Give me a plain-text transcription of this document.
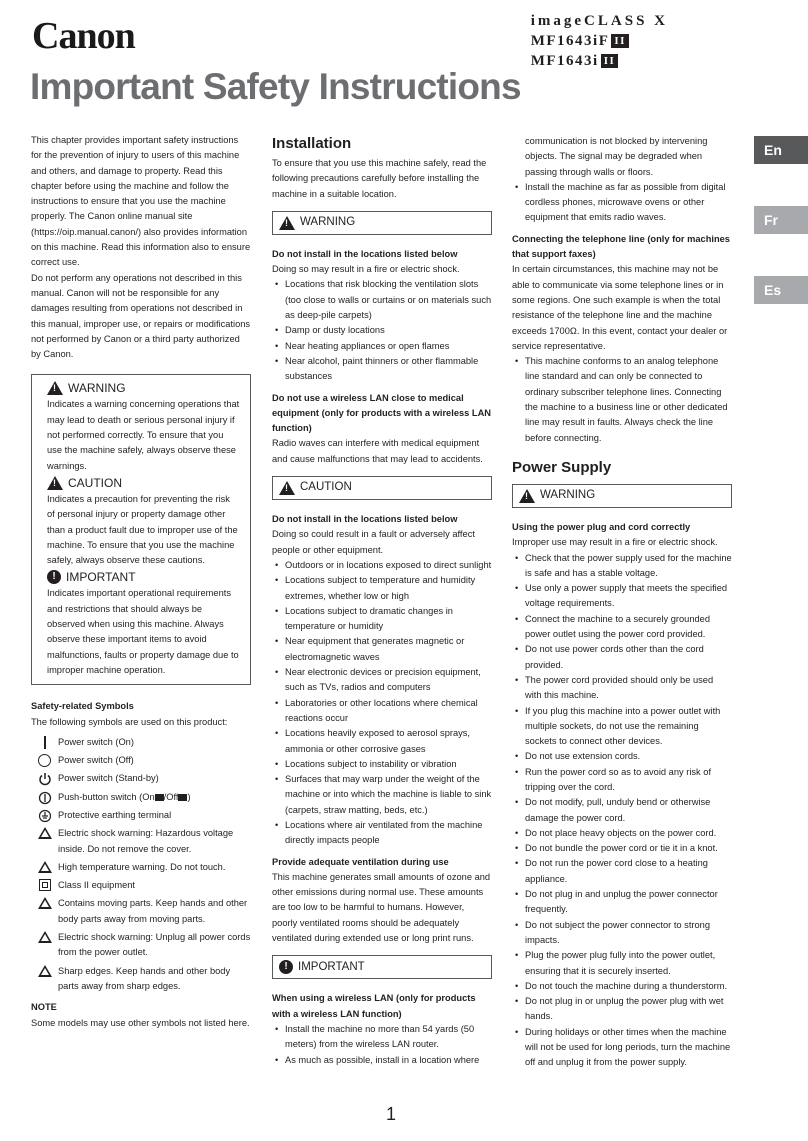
Canon	imageCLASS X
MF1643iF II
MF1643i II
Important Safety Instructions
En
Fr
Es

This chapter provides important safety instructions for the prevention of injury to users of this machine and others, and damage to property. Read this chapter before using the machine and follow the instructions to ensure that you use the machine properly. The Canon online manual site (https://oip.manual.canon/) also provides information on this machine. Read this information also to ensure correct use.

Do not perform any operations not described in this manual. Canon will not be responsible for any damages resulting from operations not described in this manual, improper use, or repairs or modifications not performed by Canon or a third party authorized by Canon.

!
WARNING

Indicates a warning concerning operations that may lead to death or serious personal injury if not performed correctly. To ensure that you use the machine safely, always observe these warnings.

!
CAUTION

Indicates a precaution for preventing the risk of personal injury or property damage other than a product fault due to improper use of the machine. To ensure that you use the machine safely, always observe these cautions.

! IMPORTANT

Indicates important operational requirements and restrictions that should always be observed when using this machine. Always observe these important items to avoid malfunctions, faults or property damage due to improper machine operation.

Safety-related Symbols

The following symbols are used on this product:

Power switch (On)
Power switch (Off)
Power switch (Stand-by)
Push-button switch (On /Off )
Protective earthing terminal
Electric shock warning: Hazardous voltage inside. Do not remove the cover.
High temperature warning. Do not touch.
Class II equipment
Contains moving parts. Keep hands and other body parts away from moving parts.
Electric shock warning: Unplug all power cords from the power outlet.
Sharp edges. Keep hands and other body parts away from sharp edges.

NOTE

Some models may use other symbols not listed here.

Installation

To ensure that you use this machine safely, read the following precautions carefully before installing the machine in a suitable location.

!
WARNING

Do not install in the locations listed below

Doing so may result in a fire or electric shock.

• Locations that risk blocking the ventilation slots (too close to walls or curtains or on materials such as deep-pile carpets)
• Damp or dusty locations
• Near heating appliances or open flames
• Near alcohol, paint thinners or other flammable substances

Do not use a wireless LAN close to medical equipment (only for products with a wireless LAN function)

Radio waves can interfere with medical equipment and cause malfunctions that may lead to accidents.

!
CAUTION

Do not install in the locations listed below

Doing so could result in a fault or adversely affect people or other equipment.

• Outdoors or in locations exposed to direct sunlight
• Locations subject to temperature and humidity extremes, whether low or high
• Locations subject to dramatic changes in temperature or humidity
• Near equipment that generates magnetic or electromagnetic waves
• Near electronic devices or precision equipment, such as TVs, radios and computers
• Laboratories or other locations where chemical reactions occur
• Locations heavily exposed to aerosol sprays, ammonia or other corrosive gases
• Locations subject to instability or vibration
• Surfaces that may warp under the weight of the machine or into which the machine is liable to sink (carpets, straw matting, beds, etc.)
• Locations where air ventilated from the machine directly impacts people

Provide adequate ventilation during use

This machine generates small amounts of ozone and other emissions during normal use. These amounts are too low to be harmful to humans. However, poorly ventilated rooms should be adequately ventilated during extended use or long print runs.

! IMPORTANT

When using a wireless LAN (only for products with a wireless LAN function)

• Install the machine no more than 54 yards (50 meters) from the wireless LAN router.
• As much as possible, install in a location where
communication is not blocked by intervening objects. The signal may be degraded when passing through walls or floors.
• Install the machine as far as possible from digital cordless phones, microwave ovens or other equipment that emits radio waves.

Connecting the telephone line (only for machines that support faxes)

In certain circumstances, this machine may not be able to communicate via some telephone lines or in some regions. One such example is when the total resistance of the telephone line and the machine exceeds 1700Ω. In this event, contact your dealer or service representative.

• This machine conforms to an analog telephone line standard and can only be connected to ordinary subscriber telephone lines. Connecting the machine to a business line or other dedicated line may result in faults. Always check the line before connecting.
Power Supply
!
WARNING

Using the power plug and cord correctly

Improper use may result in a fire or electric shock.

• Check that the power supply used for the machine is safe and has a stable voltage.
• Use only a power supply that meets the specified voltage requirements.
• Connect the machine to a securely grounded power outlet using the power cord provided.
• Do not use power cords other than the cord provided.
• The power cord provided should only be used with this machine.
• If you plug this machine into a power outlet with multiple sockets, do not use the remaining sockets to connect other devices.
• Do not use extension cords.
• Run the power cord so as to avoid any risk of tripping over the cord.
• Do not modify, pull, unduly bend or otherwise damage the power cord.
• Do not place heavy objects on the power cord.
• Do not bundle the power cord or tie it in a knot.
• Do not run the power cord close to a heating appliance.
• Do not plug in and unplug the power connector frequently.
• Do not subject the power connector to strong impacts.
• Plug the power plug fully into the power outlet, ensuring that it is securely inserted.
• Do not touch the machine during a thunderstorm.
• Do not plug in or unplug the power plug with wet hands.
• During holidays or other times when the machine will not be used for long periods, turn the machine off and unplug it from the power supply.
1
